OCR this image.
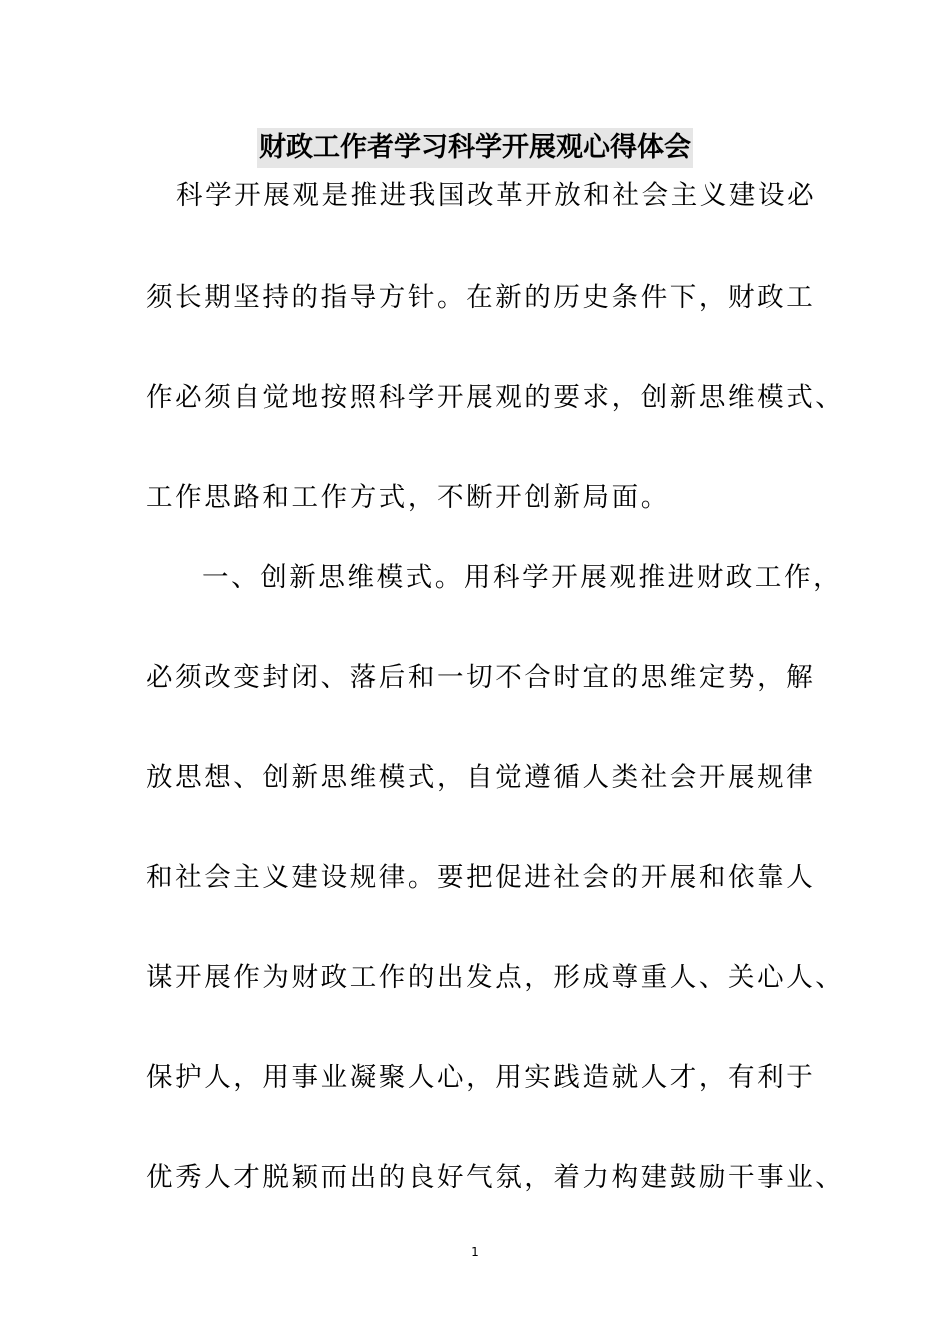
财政工作者学习科学开展观心得体会
科学开展观是推进我国改革开放和社会主义建设必
须长期坚持的指导方针。在新的历史条件下，财政工
作必须自觉地按照科学开展观的要求，创新思维模式、
工作思路和工作方式，不断开创新局面。
一、创新思维模式。用科学开展观推进财政工作，
必须改变封闭、落后和一切不合时宜的思维定势，解
放思想、创新思维模式，自觉遵循人类社会开展规律
和社会主义建设规律。要把促进社会的开展和依靠人
谋开展作为财政工作的出发点，形成尊重人、关心人、
保护人，用事业凝聚人心，用实践造就人才，有利于
优秀人才脱颖而出的良好气氛，着力构建鼓励干事业、
1
